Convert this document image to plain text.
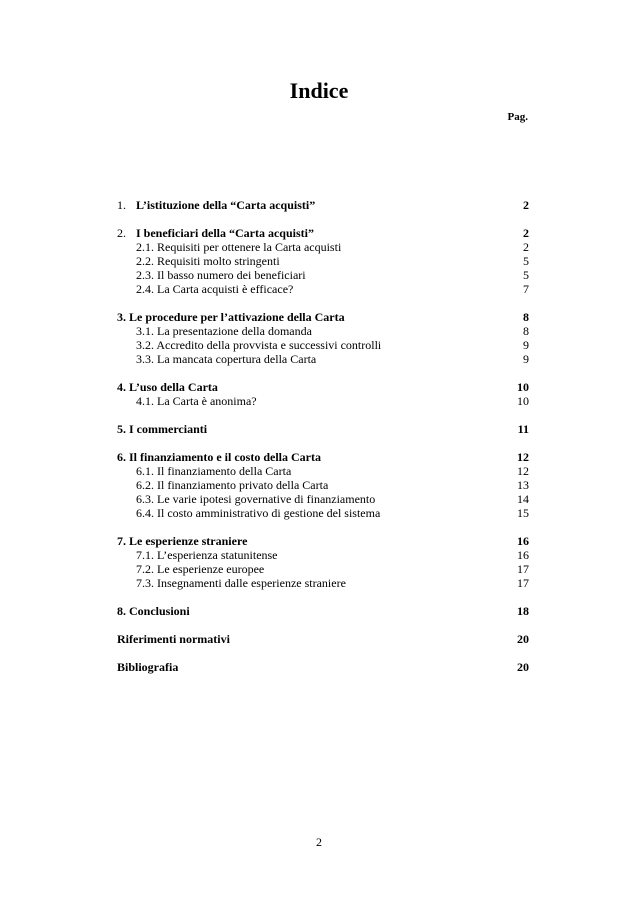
Indice
Pag.
1. L’istituzione della “Carta acquisti”	2
2. I beneficiari della “Carta acquisti”	2
2.1. Requisiti per ottenere la Carta acquisti	2
2.2. Requisiti molto stringenti	5
2.3. Il basso numero dei beneficiari	5
2.4. La Carta acquisti è efficace?	7
3. Le procedure per l’attivazione della Carta	8
3.1. La presentazione della domanda	8
3.2. Accredito della provvista e successivi controlli	9
3.3. La mancata copertura della Carta	9
4. L’uso della Carta	10
4.1. La Carta è anonima?	10
5. I commercianti	11
6. Il finanziamento e il costo della Carta	12
6.1. Il finanziamento della Carta	12
6.2. Il finanziamento privato della Carta	13
6.3. Le varie ipotesi governative di finanziamento	14
6.4. Il costo amministrativo di gestione del sistema	15
7. Le esperienze straniere	16
7.1. L’esperienza statunitense	16
7.2. Le esperienze europee	17
7.3. Insegnamenti dalle esperienze straniere	17
8. Conclusioni	18
Riferimenti normativi	20
Bibliografia	20
2
